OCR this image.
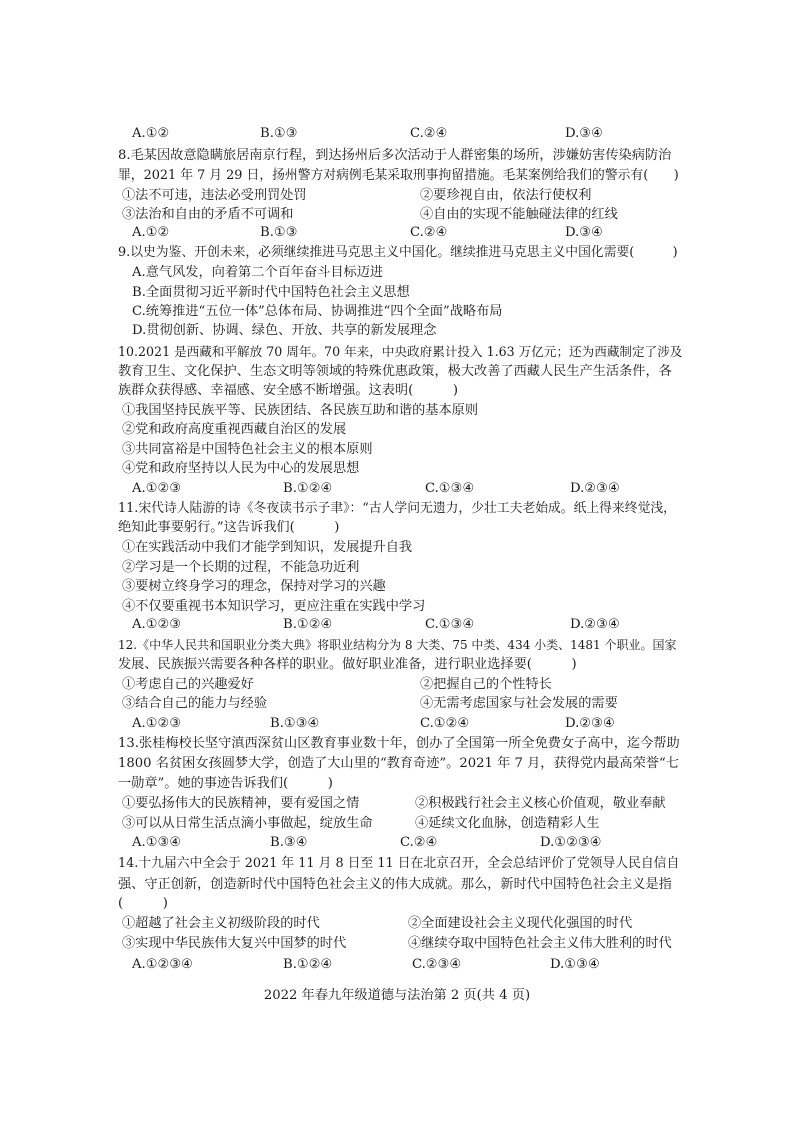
A.①②	B.①③	C.②④	D.③④
8.毛某因故意隐瞒旅居南京行程，到达扬州后多次活动于人群密集的场所，涉嫌妨害传染病防治
罪，2021 年 7 月 29 日，扬州警方对病例毛某采取刑事拘留措施。毛某案例给我们的警示有(　　)
①法不可违，违法必受刑罚处罚	②要珍视自由，依法行使权利
③法治和自由的矛盾不可调和	④自由的实现不能触碰法律的红线
A.①②	B.①③	C.②④	D.③④
9.以史为鉴、开创未来，必须继续推进马克思主义中国化。继续推进马克思主义中国化需要(　　　)
A.意气风发，向着第二个百年奋斗目标迈进
B.全面贯彻习近平新时代中国特色社会主义思想
C.统筹推进“五位一体”总体布局、协调推进“四个全面”战略布局
D.贯彻创新、协调、绿色、开放、共享的新发展理念
10.2021 是西藏和平解放 70 周年。70 年来，中央政府累计投入 1.63 万亿元；还为西藏制定了涉及
教育卫生、文化保护、生态文明等领域的特殊优惠政策，极大改善了西藏人民生产生活条件，各
族群众获得感、幸福感、安全感不断增强。这表明(　　　)
①我国坚持民族平等、民族团结、各民族互助和谐的基本原则
②党和政府高度重视西藏自治区的发展
③共同富裕是中国特色社会主义的根本原则
④党和政府坚持以人民为中心的发展思想
A.①②③	B.①②④	C.①③④	D.②③④
11.宋代诗人陆游的诗《冬夜读书示子聿》：“古人学问无遗力，少壮工夫老始成。纸上得来终觉浅，
绝知此事要躬行。”这告诉我们(　　　)
①在实践活动中我们才能学到知识，发展提升自我
②学习是一个长期的过程，不能急功近利
③要树立终身学习的理念，保持对学习的兴趣
④不仅要重视书本知识学习，更应注重在实践中学习
A.①②③	B.①②④	C.①③④	D.②③④
12.《中华人民共和国职业分类大典》将职业结构分为 8 大类、75 中类、434 小类、1481 个职业。国家
发展、民族振兴需要各种各样的职业。做好职业准备，进行职业选择要(　　　)
①考虑自己的兴趣爱好	②把握自己的个性特长
③结合自己的能力与经验	④无需考虑国家与社会发展的需要
A.①②③	B.①③④	C.①②④	D.②③④
13.张桂梅校长坚守滇西深贫山区教育事业数十年，创办了全国第一所全免费女子高中，迄今帮助
1800 名贫困女孩圆梦大学，创造了大山里的“教育奇迹”。2021 年 7 月，获得党内最高荣誉“七
一勋章”。她的事迹告诉我们(　　　)
①要弘扬伟大的民族精神，要有爱国之情	②积极践行社会主义核心价值观，敬业奉献
③可以从日常生活点滴小事做起，绽放生命	④延续文化血脉，创造精彩人生
A.①③④	B.③④	C.②④	D.①②③④
14.十九届六中全会于 2021 年 11 月 8 日至 11 日在北京召开，全会总结评价了党领导人民自信自
强、守正创新，创造新时代中国特色社会主义的伟大成就。那么，新时代中国特色社会主义是指
(　　　)
①超越了社会主义初级阶段的时代	②全面建设社会主义现代化强国的时代
③实现中华民族伟大复兴中国梦的时代	④继续夺取中国特色社会主义伟大胜利的时代
A.①②③④	B.①②④	C.②③④	D.①③④
2022 年春九年级道德与法治第 2 页(共 4 页)
